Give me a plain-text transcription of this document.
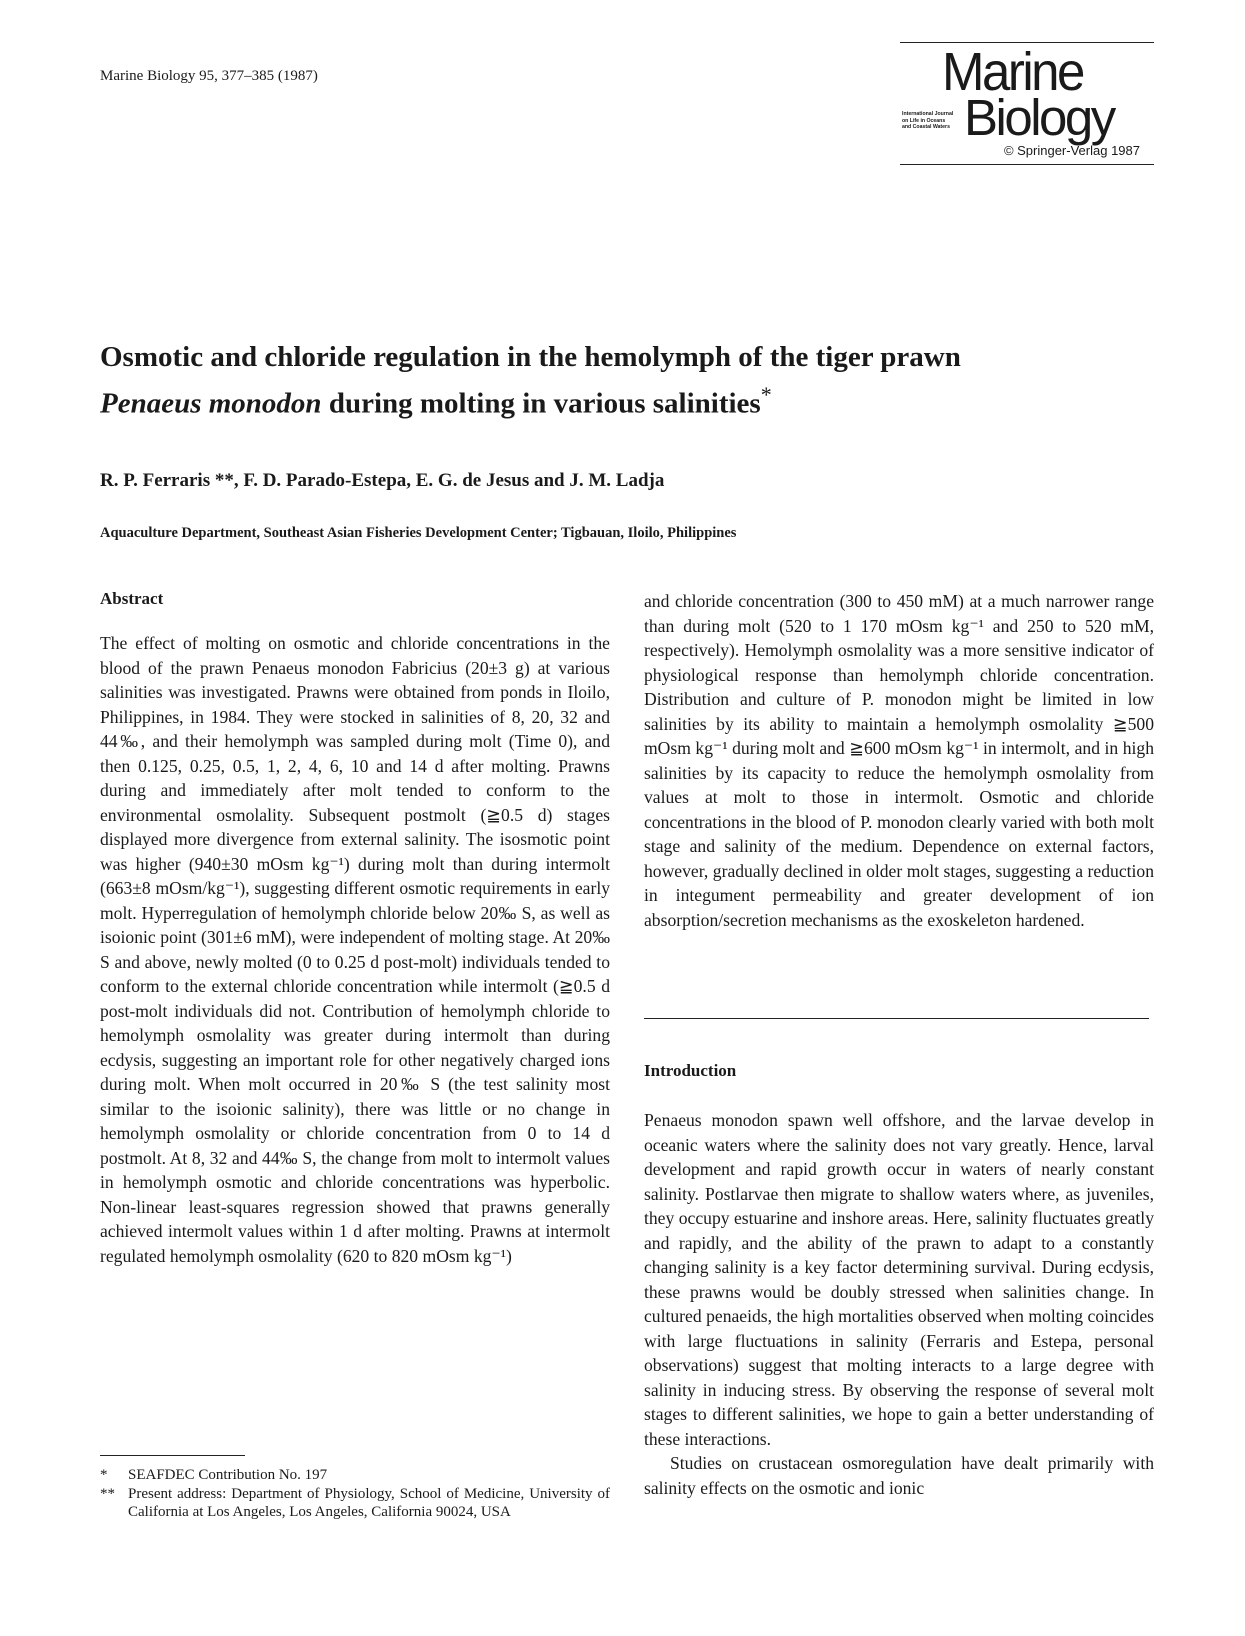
Marine Biology 95, 377–385 (1987)	Marine
International Journal
on Life in Oceans
and Coastal Waters Biology
© Springer-Verlag 1987
Osmotic and chloride regulation in the hemolymph of the tiger prawn
Penaeus monodon during molting in various salinities*
R. P. Ferraris **, F. D. Parado-Estepa, E. G. de Jesus and J. M. Ladja
Aquaculture Department, Southeast Asian Fisheries Development Center; Tigbauan, Iloilo, Philippines
Abstract

The effect of molting on osmotic and chloride concentrations in the blood of the prawn Penaeus monodon Fabricius (20±3 g) at various salinities was investigated. Prawns were obtained from ponds in Iloilo, Philippines, in 1984. They were stocked in salinities of 8, 20, 32 and 44‰, and their hemolymph was sampled during molt (Time 0), and then 0.125, 0.25, 0.5, 1, 2, 4, 6, 10 and 14 d after molting. Prawns during and immediately after molt tended to conform to the environmental osmolality. Subsequent postmolt (≧0.5 d) stages displayed more divergence from external salinity. The isosmotic point was higher (940±30 mOsm kg⁻¹) during molt than during intermolt (663±8 mOsm/kg⁻¹), suggesting different osmotic requirements in early molt. Hyperregulation of hemolymph chloride below 20‰ S, as well as isoionic point (301±6 mM), were independent of molting stage. At 20‰ S and above, newly molted (0 to 0.25 d post-molt) individuals tended to conform to the external chloride concentration while intermolt (≧0.5 d post-molt individuals did not. Contribution of hemolymph chloride to hemolymph osmolality was greater during intermolt than during ecdysis, suggesting an important role for other negatively charged ions during molt. When molt occurred in 20‰ S (the test salinity most similar to the isoionic salinity), there was little or no change in hemolymph osmolality or chloride concentration from 0 to 14 d postmolt. At 8, 32 and 44‰ S, the change from molt to intermolt values in hemolymph osmotic and chloride concentrations was hyperbolic. Non-linear least-squares regression showed that prawns generally achieved intermolt values within 1 d after molting. Prawns at intermolt regulated hemolymph osmolality (620 to 820 mOsm kg⁻¹)

and chloride concentration (300 to 450 mM) at a much narrower range than during molt (520 to 1 170 mOsm kg⁻¹ and 250 to 520 mM, respectively). Hemolymph osmolality was a more sensitive indicator of physiological response than hemolymph chloride concentration. Distribution and culture of P. monodon might be limited in low salinities by its ability to maintain a hemolymph osmolality ≧500 mOsm kg⁻¹ during molt and ≧600 mOsm kg⁻¹ in intermolt, and in high salinities by its capacity to reduce the hemolymph osmolality from values at molt to those in intermolt. Osmotic and chloride concentrations in the blood of P. monodon clearly varied with both molt stage and salinity of the medium. Dependence on external factors, however, gradually declined in older molt stages, suggesting a reduction in integument permeability and greater development of ion absorption/secretion mechanisms as the exoskeleton hardened.

Introduction

Penaeus monodon spawn well offshore, and the larvae develop in oceanic waters where the salinity does not vary greatly. Hence, larval development and rapid growth occur in waters of nearly constant salinity. Postlarvae then migrate to shallow waters where, as juveniles, they occupy estuarine and inshore areas. Here, salinity fluctuates greatly and rapidly, and the ability of the prawn to adapt to a constantly changing salinity is a key factor determining survival. During ecdysis, these prawns would be doubly stressed when salinities change. In cultured penaeids, the high mortalities observed when molting coincides with large fluctuations in salinity (Ferraris and Estepa, personal observations) suggest that molting interacts to a large degree with salinity in inducing stress. By observing the response of several molt stages to different salinities, we hope to gain a better understanding of these interactions.

Studies on crustacean osmoregulation have dealt primarily with salinity effects on the osmotic and ionic

*	SEAFDEC Contribution No. 197
** Present address: Department of Physiology, School of Medicine, University of California at Los Angeles, Los Angeles, California 90024, USA
